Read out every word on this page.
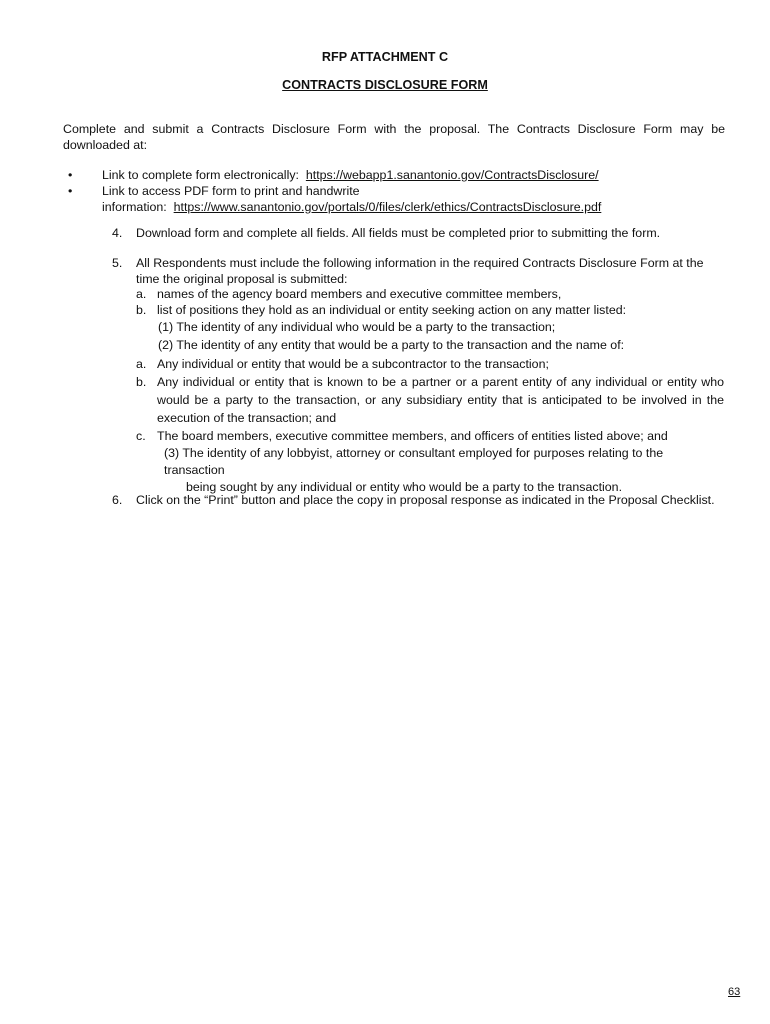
RFP ATTACHMENT C
CONTRACTS DISCLOSURE FORM
Complete and submit a Contracts Disclosure Form with the proposal. The Contracts Disclosure Form may be downloaded at:
• Link to complete form electronically: https://webapp1.sanantonio.gov/ContractsDisclosure/
• Link to access PDF form to print and handwrite
information: https://www.sanantonio.gov/portals/0/files/clerk/ethics/ContractsDisclosure.pdf
4. Download form and complete all fields. All fields must be completed prior to submitting the form.
5. All Respondents must include the following information in the required Contracts Disclosure Form at the time the original proposal is submitted:
a. names of the agency board members and executive committee members,
b. list of positions they hold as an individual or entity seeking action on any matter listed:
(1) The identity of any individual who would be a party to the transaction;
(2) The identity of any entity that would be a party to the transaction and the name of:
a. Any individual or entity that would be a subcontractor to the transaction;
b. Any individual or entity that is known to be a partner or a parent entity of any individual or entity who would be a party to the transaction, or any subsidiary entity that is anticipated to be involved in the execution of the transaction; and
c. The board members, executive committee members, and officers of entities listed above; and
(3) The identity of any lobbyist, attorney or consultant employed for purposes relating to the transaction
being sought by any individual or entity who would be a party to the transaction.
6. Click on the “Print” button and place the copy in proposal response as indicated in the Proposal Checklist.
63
